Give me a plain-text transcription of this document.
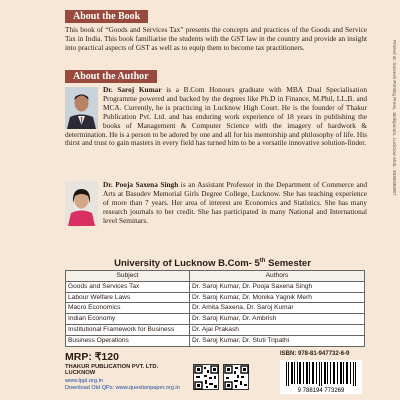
About the Book
This book of “Goods and Services Tax” presents the concepts and practices of the Goods and Service Tax in India. This book familiarise the students with the GST law in the country and provide an insight into practical aspects of GST as well as to equip them to become tax practitioners.
About the Author
Dr. Saroj Kumar is a B.Com Honours graduate with MBA Dual Specialisation Programme powered and backed by the degrees like Ph.D in Finance, M.Phil, LL.B. and MCA. Currently, he is practicing in Lucknow High Court. He is the founder of Thakur Publication Pvt. Ltd. and has enduring work experience of 18 years in publishing the books of Management & Computer Science with the imagery of hardwork & determination. He is a person to be adored by one and all for his mentorship and philosophy of life. His thirst and trust to gain masters in every field has turned him to be a versatile innovative solution-finder.
Dr. Pooja Saxena Singh is an Assistant Professor in the Department of Commerce and Arts at Basudev Memorial Girls Degree College, Lucknow. She has teaching experience of more than 7 years. Her area of interest are Economics and Statistics. She has many research journals to her credit. She has participated in many National and International level Seminars.
Printed at: Sarvesh Printing Press, Jankipuram, Lucknow Mob.: 9336936987
University of Lucknow B.Com- 5th Semester
Subject	Authors
Goods and Services Tax	Dr. Saroj Kumar, Dr. Pooja Saxena Singh
Labour Welfare Laws	Dr. Saroj Kumar, Dr. Monika Yagnik Merh
Macro Economics	Dr. Amita Saxena, Dr. Saroj Kumar
Indian Economy	Dr. Saroj Kumar, Dr. Ambrish
Institutional Framework for Business	Dr. Ajai Prakash
Business Operations	Dr. Saroj Kumar, Dr. Stuti Tripathi
MRP: ₹120
THAKUR PUBLICATION PVT. LTD.
LUCKNOW
www.tppl.org.in
Download Old QPs: www.questionpaper.org.in
ISBN: 978-81-947732-6-9
9 788194 773269
